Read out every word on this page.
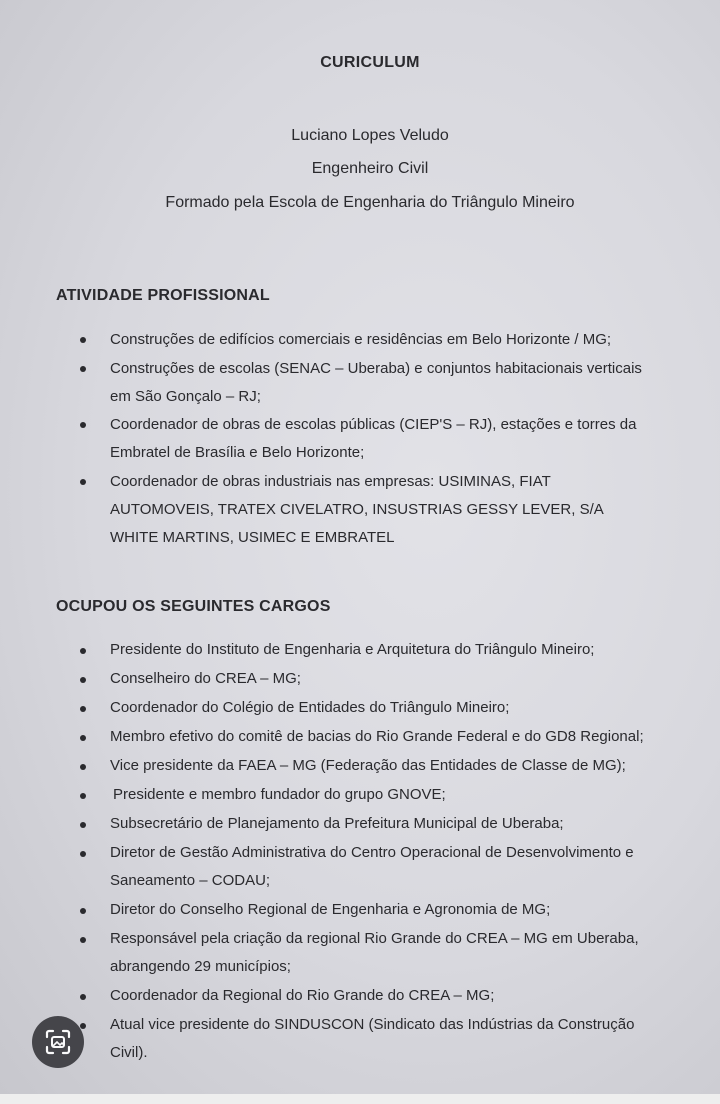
CURICULUM
Luciano Lopes Veludo
Engenheiro Civil
Formado pela Escola de Engenharia do Triângulo Mineiro
ATIVIDADE PROFISSIONAL
Construções de edifícios comerciais e residências em Belo Horizonte / MG;
Construções de escolas (SENAC – Uberaba) e conjuntos habitacionais verticais
em São Gonçalo – RJ;
Coordenador de obras de escolas públicas (CIEP'S – RJ), estações e torres da
Embratel de Brasília e Belo Horizonte;
Coordenador de obras industriais nas empresas: USIMINAS, FIAT
AUTOMOVEIS, TRATEX CIVELATRO, INSUSTRIAS GESSY LEVER, S/A
WHITE MARTINS, USIMEC E EMBRATEL
OCUPOU OS SEGUINTES CARGOS
Presidente do Instituto de Engenharia e Arquitetura do Triângulo Mineiro;
Conselheiro do CREA – MG;
Coordenador do Colégio de Entidades do Triângulo Mineiro;
Membro efetivo do comitê de bacias do Rio Grande Federal e do GD8 Regional;
Vice presidente da FAEA – MG (Federação das Entidades de Classe de MG);
Presidente e membro fundador do grupo GNOVE;
Subsecretário de Planejamento da Prefeitura Municipal de Uberaba;
Diretor de Gestão Administrativa do Centro Operacional de Desenvolvimento e
Saneamento – CODAU;
Diretor do Conselho Regional de Engenharia e Agronomia de MG;
Responsável pela criação da regional Rio Grande do CREA – MG em Uberaba,
abrangendo 29 municípios;
Coordenador da Regional do Rio Grande do CREA – MG;
Atual vice presidente do SINDUSCON (Sindicato das Indústrias da Construção
Civil).
